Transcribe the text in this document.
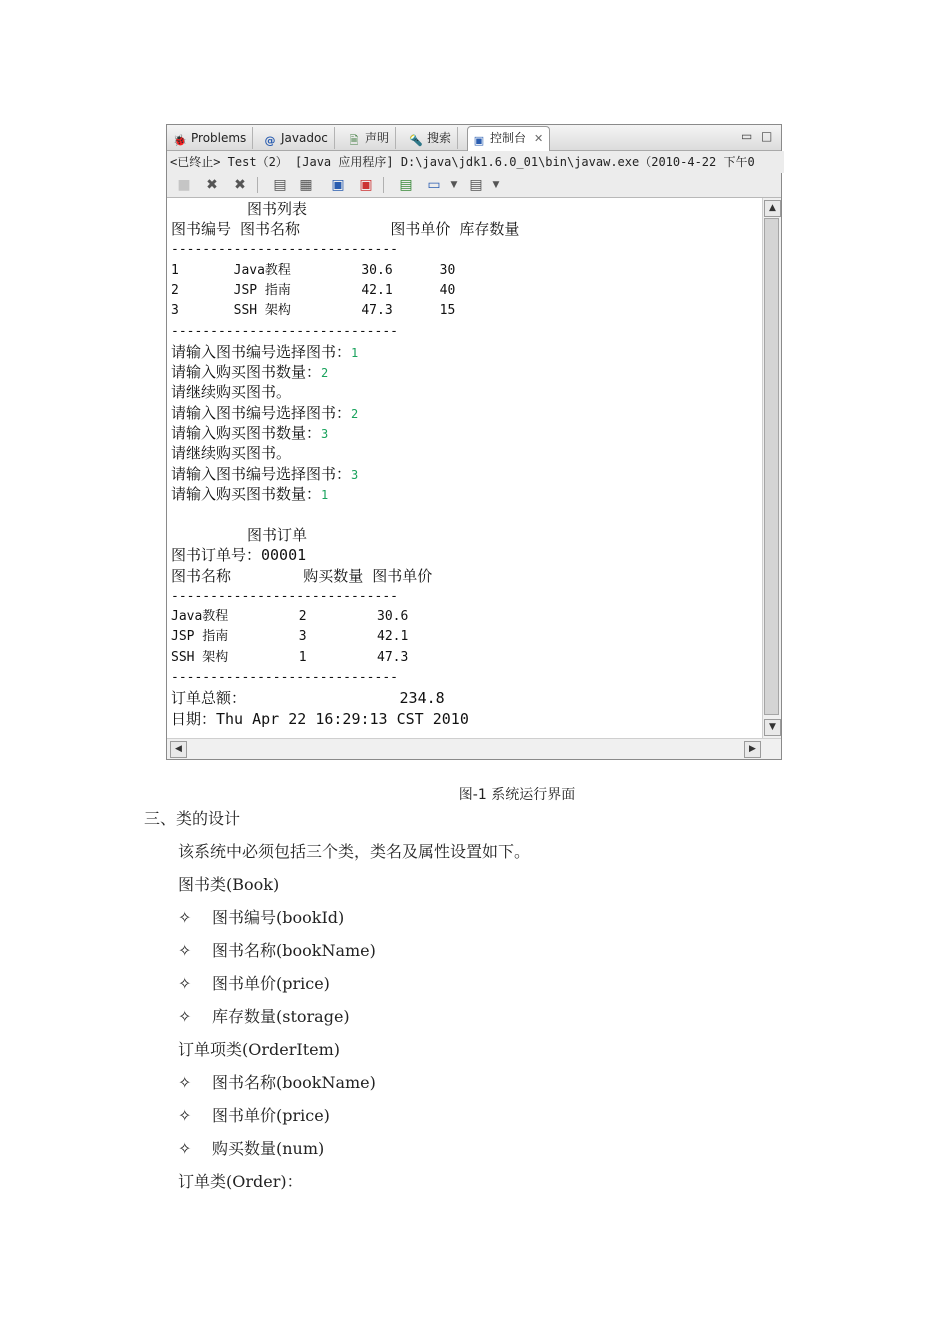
🐞 Problems	@ Javadoc	🗎 声明	🔦 搜索	▣ 控制台 ✕	▭ □
<已终止> Test（2） [Java 应用程序] D:\java\jdk1.6.0_01\bin\javaw.exe（2010-4-22 下午0
■ ✖ ✖ ▤ ▦ ▣ ▣ ▤ ▭	▼ ▤	▼
图书列表
图书编号 图书名称          图书单价 库存数量
-----------------------------
1       Java教程         30.6      30
2       JSP 指南         42.1      40
3       SSH 架构         47.3      15
-----------------------------
请输入图书编号选择图书：1
请输入购买图书数量：2
请继续购买图书。
请输入图书编号选择图书：2
请输入购买图书数量：3
请继续购买图书。
请输入图书编号选择图书：3
请输入购买图书数量：1
图书订单
图书订单号：00001
图书名称        购买数量 图书单价
-----------------------------
Java教程         2         30.6
JSP 指南         3         42.1
SSH 架构         1         47.3
-----------------------------
订单总额：                 234.8
日期：Thu Apr 22 16:29:13 CST 2010
▲
▼
◀	▶
图-1 系统运行界面
三、类的设计
该系统中必须包括三个类，类名及属性设置如下。
图书类(Book)
✧ 图书编号(bookId)
✧ 图书名称(bookName)
✧ 图书单价(price)
✧ 库存数量(storage)
订单项类(OrderItem)
✧ 图书名称(bookName)
✧ 图书单价(price)
✧ 购买数量(num)
订单类(Order)：
